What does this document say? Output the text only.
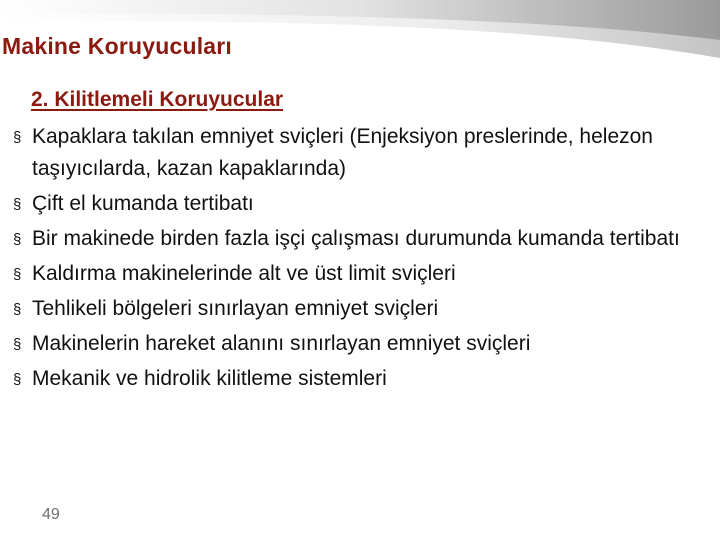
Makine Koruyucuları
2. Kilitlemeli Koruyucular
§ Kapaklara takılan emniyet sviçleri (Enjeksiyon preslerinde, helezon taşıyıcılarda, kazan kapaklarında)
§ Çift el kumanda tertibatı
§ Bir makinede birden fazla işçi çalışması durumunda kumanda tertibatı
§ Kaldırma makinelerinde alt ve üst limit sviçleri
§ Tehlikeli bölgeleri sınırlayan emniyet sviçleri
§ Makinelerin hareket alanını sınırlayan emniyet sviçleri
§ Mekanik ve hidrolik kilitleme sistemleri
49
